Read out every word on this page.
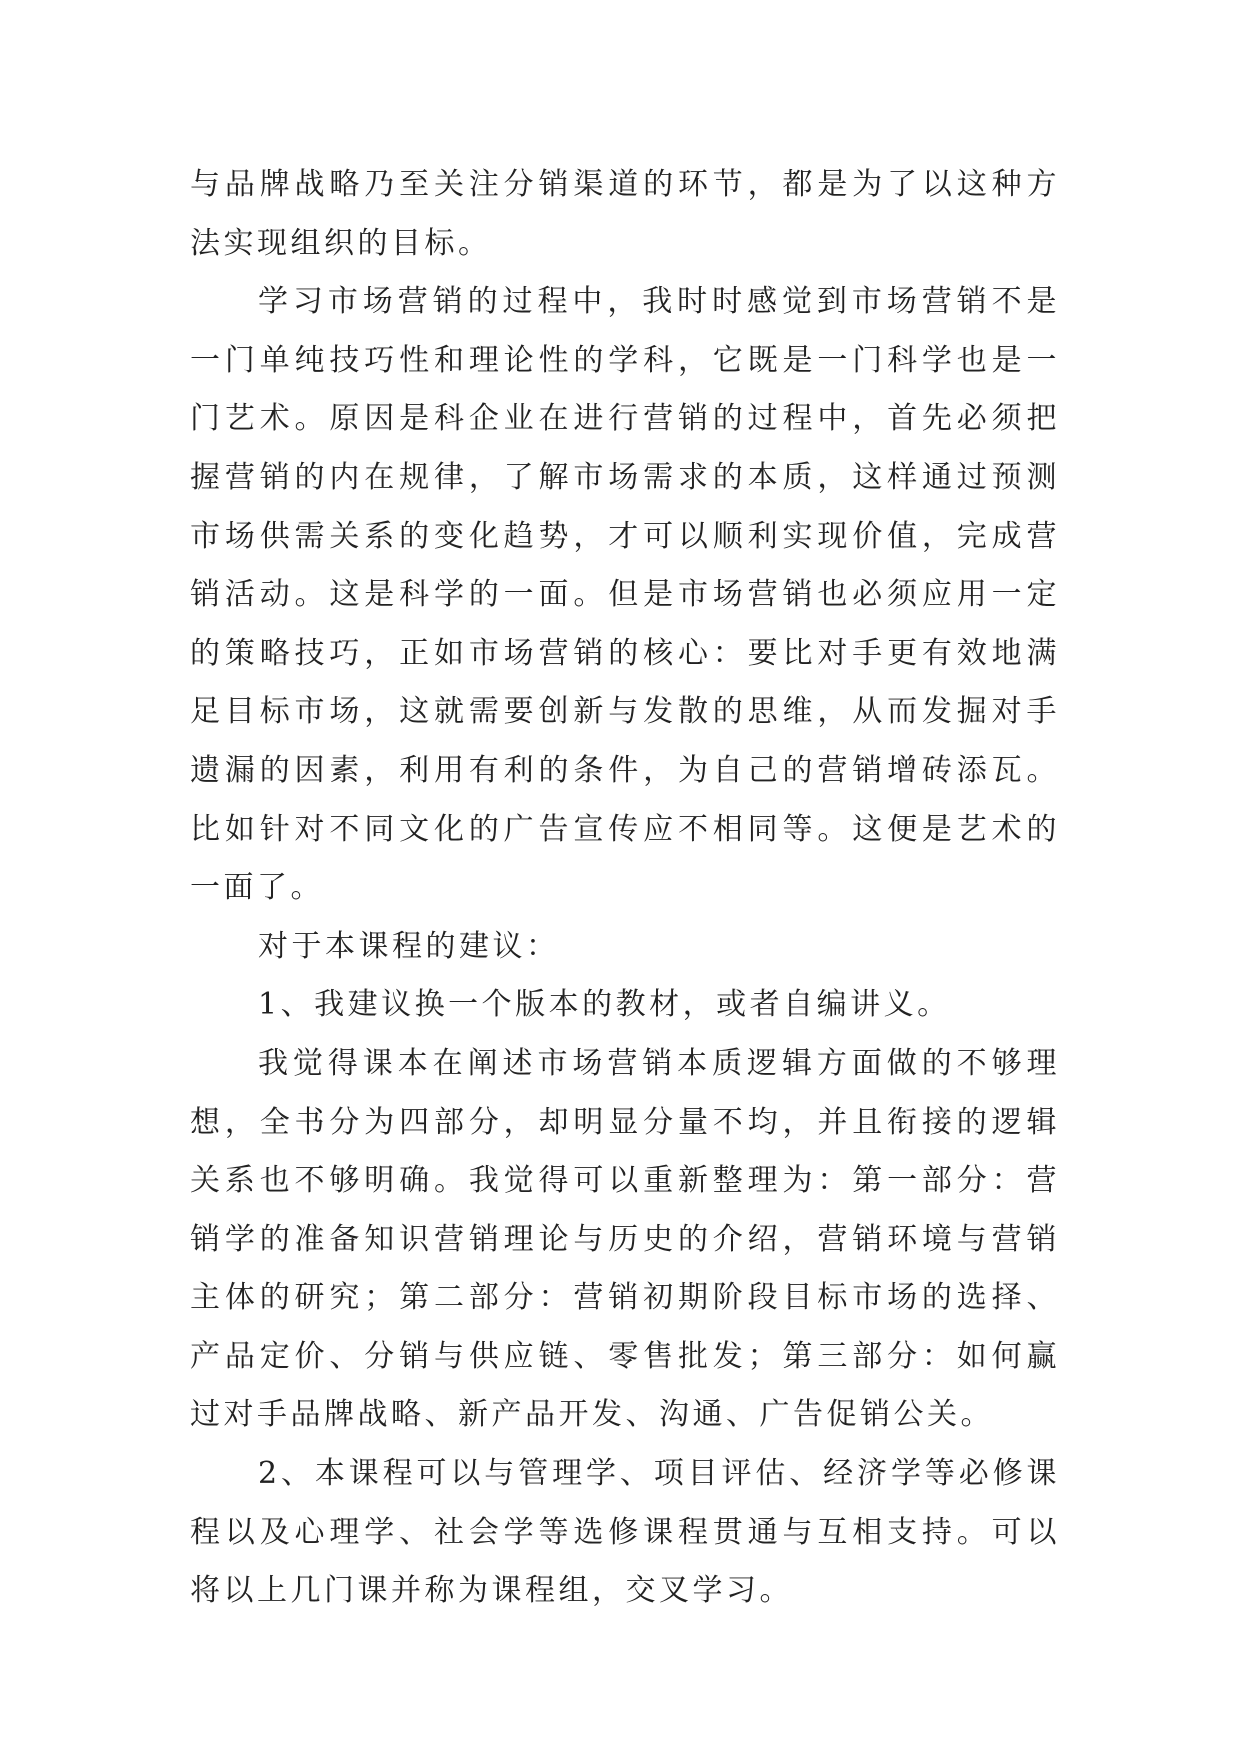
与品牌战略乃至关注分销渠道的环节，都是为了以这种方法实现组织的目标。

学习市场营销的过程中，我时时感觉到市场营销不是一门单纯技巧性和理论性的学科，它既是一门科学也是一门艺术。原因是科企业在进行营销的过程中，首先必须把握营销的内在规律，了解市场需求的本质，这样通过预测市场供需关系的变化趋势，才可以顺利实现价值，完成营销活动。这是科学的一面。但是市场营销也必须应用一定的策略技巧，正如市场营销的核心：要比对手更有效地满足目标市场，这就需要创新与发散的思维，从而发掘对手遗漏的因素，利用有利的条件，为自己的营销增砖添瓦。比如针对不同文化的广告宣传应不相同等。这便是艺术的一面了。

对于本课程的建议：

1、我建议换一个版本的教材，或者自编讲义。

我觉得课本在阐述市场营销本质逻辑方面做的不够理想，全书分为四部分，却明显分量不均，并且衔接的逻辑关系也不够明确。我觉得可以重新整理为：第一部分：营销学的准备知识营销理论与历史的介绍，营销环境与营销主体的研究；第二部分：营销初期阶段目标市场的选择、产品定价、分销与供应链、零售批发；第三部分：如何赢过对手品牌战略、新产品开发、沟通、广告促销公关。

2、本课程可以与管理学、项目评估、经济学等必修课程以及心理学、社会学等选修课程贯通与互相支持。可以将以上几门课并称为课程组，交叉学习。
